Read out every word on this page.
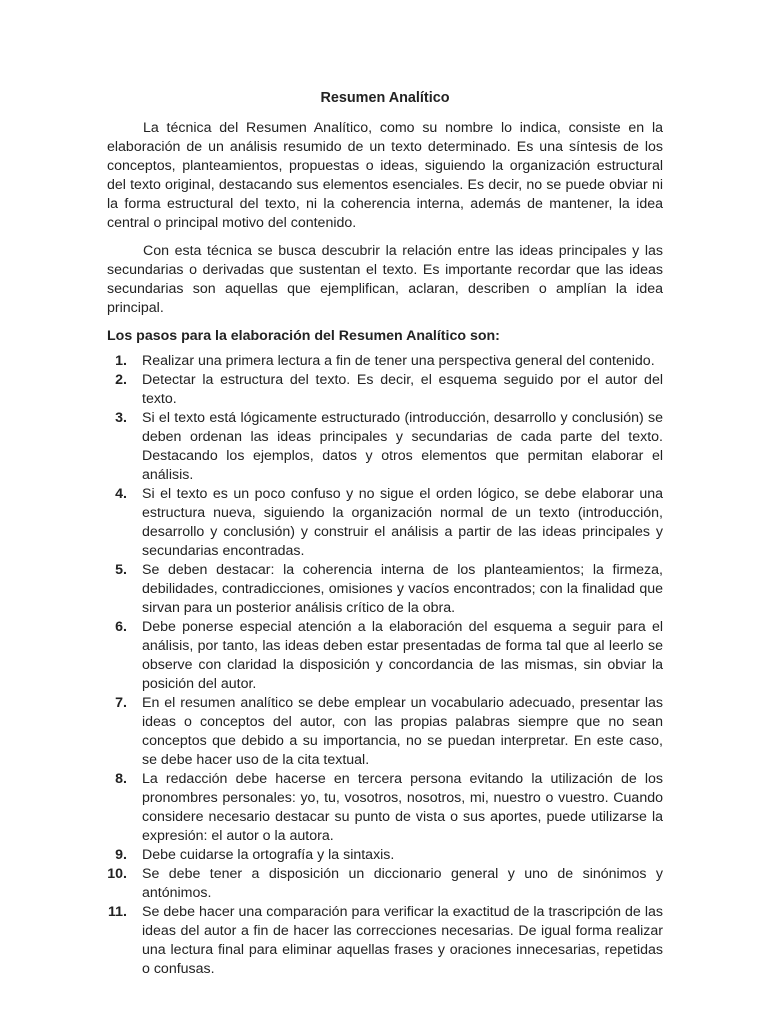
Resumen Analítico

La técnica del Resumen Analítico, como su nombre lo indica, consiste en la elaboración de un análisis resumido de un texto determinado. Es una síntesis de los conceptos, planteamientos, propuestas o ideas, siguiendo la organización estructural del texto original, destacando sus elementos esenciales. Es decir, no se puede obviar ni la forma estructural del texto, ni la coherencia interna, además de mantener, la idea central o principal motivo del contenido.

Con esta técnica se busca descubrir la relación entre las ideas principales y las secundarias o derivadas que sustentan el texto. Es importante recordar que las ideas secundarias son aquellas que ejemplifican, aclaran, describen o amplían la idea principal.

Los pasos para la elaboración del Resumen Analítico son:
1. Realizar una primera lectura a fin de tener una perspectiva general del contenido.
2. Detectar la estructura del texto. Es decir, el esquema seguido por el autor del texto.
3. Si el texto está lógicamente estructurado (introducción, desarrollo y conclusión) se deben ordenan las ideas principales y secundarias de cada parte del texto. Destacando los ejemplos, datos y otros elementos que permitan elaborar el análisis.
4. Si el texto es un poco confuso y no sigue el orden lógico, se debe elaborar una estructura nueva, siguiendo la organización normal de un texto (introducción, desarrollo y conclusión) y construir el análisis a partir de las ideas principales y secundarias encontradas.
5. Se deben destacar: la coherencia interna de los planteamientos; la firmeza, debilidades, contradicciones, omisiones y vacíos encontrados; con la finalidad que sirvan para un posterior análisis crítico de la obra.
6. Debe ponerse especial atención a la elaboración del esquema a seguir para el análisis, por tanto, las ideas deben estar presentadas de forma tal que al leerlo se observe con claridad la disposición y concordancia de las mismas, sin obviar la posición del autor.
7. En el resumen analítico se debe emplear un vocabulario adecuado, presentar las ideas o conceptos del autor, con las propias palabras siempre que no sean conceptos que debido a su importancia, no se puedan interpretar. En este caso, se debe hacer uso de la cita textual.
8. La redacción debe hacerse en tercera persona evitando la utilización de los pronombres personales: yo, tu, vosotros, nosotros, mi, nuestro o vuestro. Cuando considere necesario destacar su punto de vista o sus aportes, puede utilizarse la expresión: el autor o la autora.
9. Debe cuidarse la ortografía y la sintaxis.
10. Se debe tener a disposición un diccionario general y uno de sinónimos y antónimos.
11. Se debe hacer una comparación para verificar la exactitud de la trascripción de las ideas del autor a fin de hacer las correcciones necesarias. De igual forma realizar una lectura final para eliminar aquellas frases y oraciones innecesarias, repetidas o confusas.
